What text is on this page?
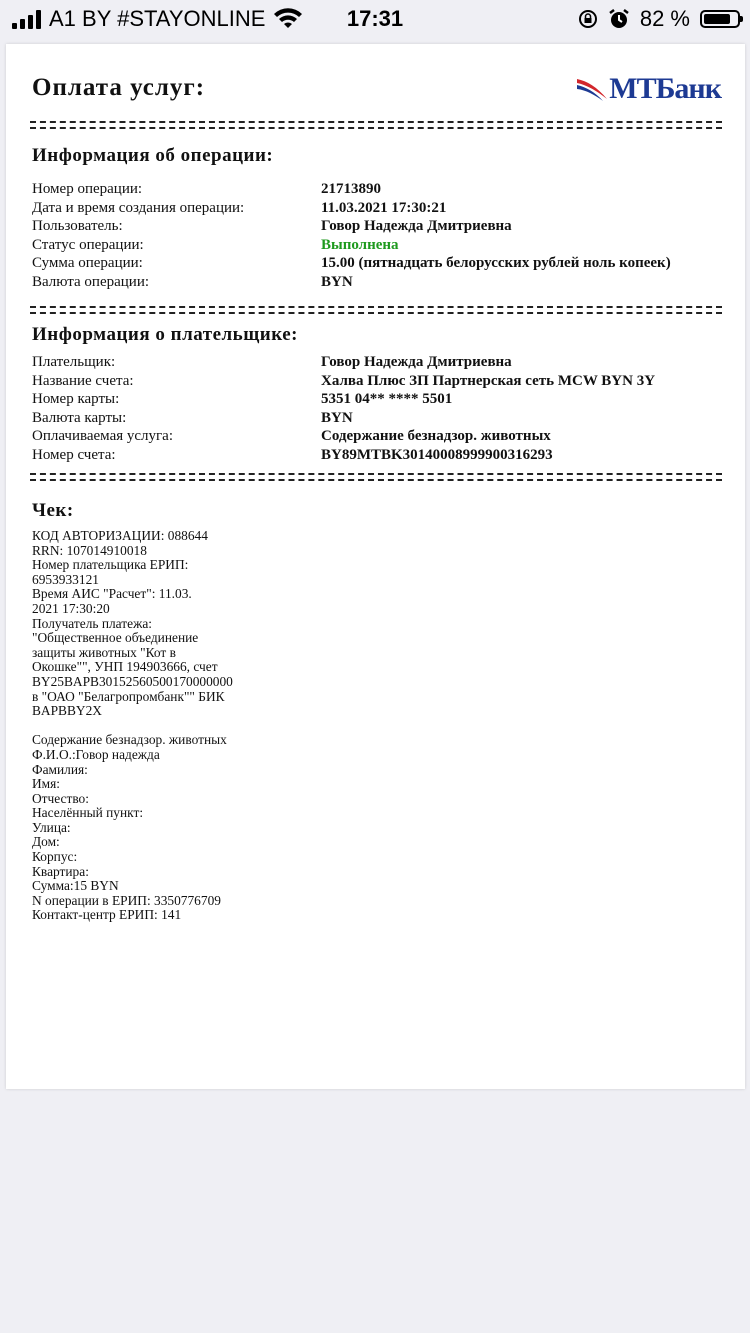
A1 BY #STAYONLINE	17:31	82 %
Оплата услуг:	МТБанк
Информация об операции:
Номер операции:	21713890
Дата и время создания операции:	11.03.2021 17:30:21
Пользователь:	Говор Надежда Дмитриевна
Статус операции:	Выполнена
Сумма операции:	15.00 (пятнадцать белорусских рублей ноль копеек)
Валюта операции:	BYN
Информация о плательщике:
Плательщик:	Говор Надежда Дмитриевна
Название счета:	Халва Плюс ЗП Партнерская сеть MCW BYN 3Y
Номер карты:	5351 04** **** 5501
Валюта карты:	BYN
Оплачиваемая услуга:	Содержание безнадзор. животных
Номер счета:	BY89MTBK30140008999900316293
Чек:
КОД АВТОРИЗАЦИИ: 088644
RRN: 107014910018
Номер плательщика ЕРИП:
6953933121
Время АИС "Расчет": 11.03.
2021 17:30:20
Получатель платежа:
"Общественное объединение
защиты животных "Кот в
Окошке"", УНП 194903666, счет
BY25BAPB30152560500170000000
в "ОАО "Белагропромбанк"" БИК
BAPBBY2X

Содержание безнадзор. животных
Ф.И.О.:Говор надежда
Фамилия:
Имя:
Отчество:
Населённый пункт:
Улица:
Дом:
Корпус:
Квартира:
Сумма:15 BYN
N операции в ЕРИП: 3350776709
Контакт-центр ЕРИП: 141
